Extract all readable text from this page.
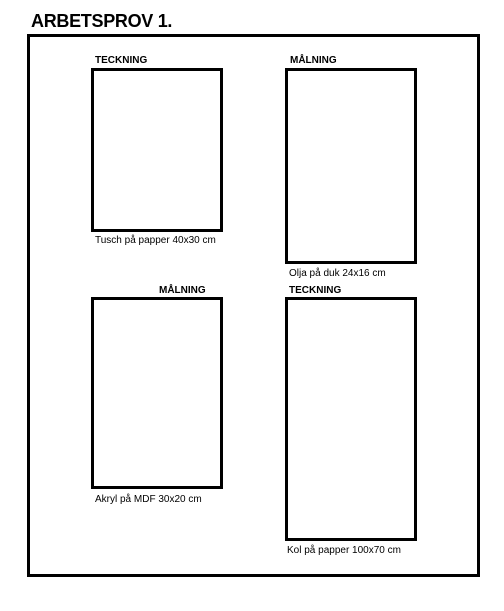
ARBETSPROV 1.
TECKNING
Tusch på papper 40x30 cm
MÅLNING
Olja på duk 24x16 cm
MÅLNING
Akryl på MDF 30x20 cm
TECKNING
Kol på papper 100x70 cm
